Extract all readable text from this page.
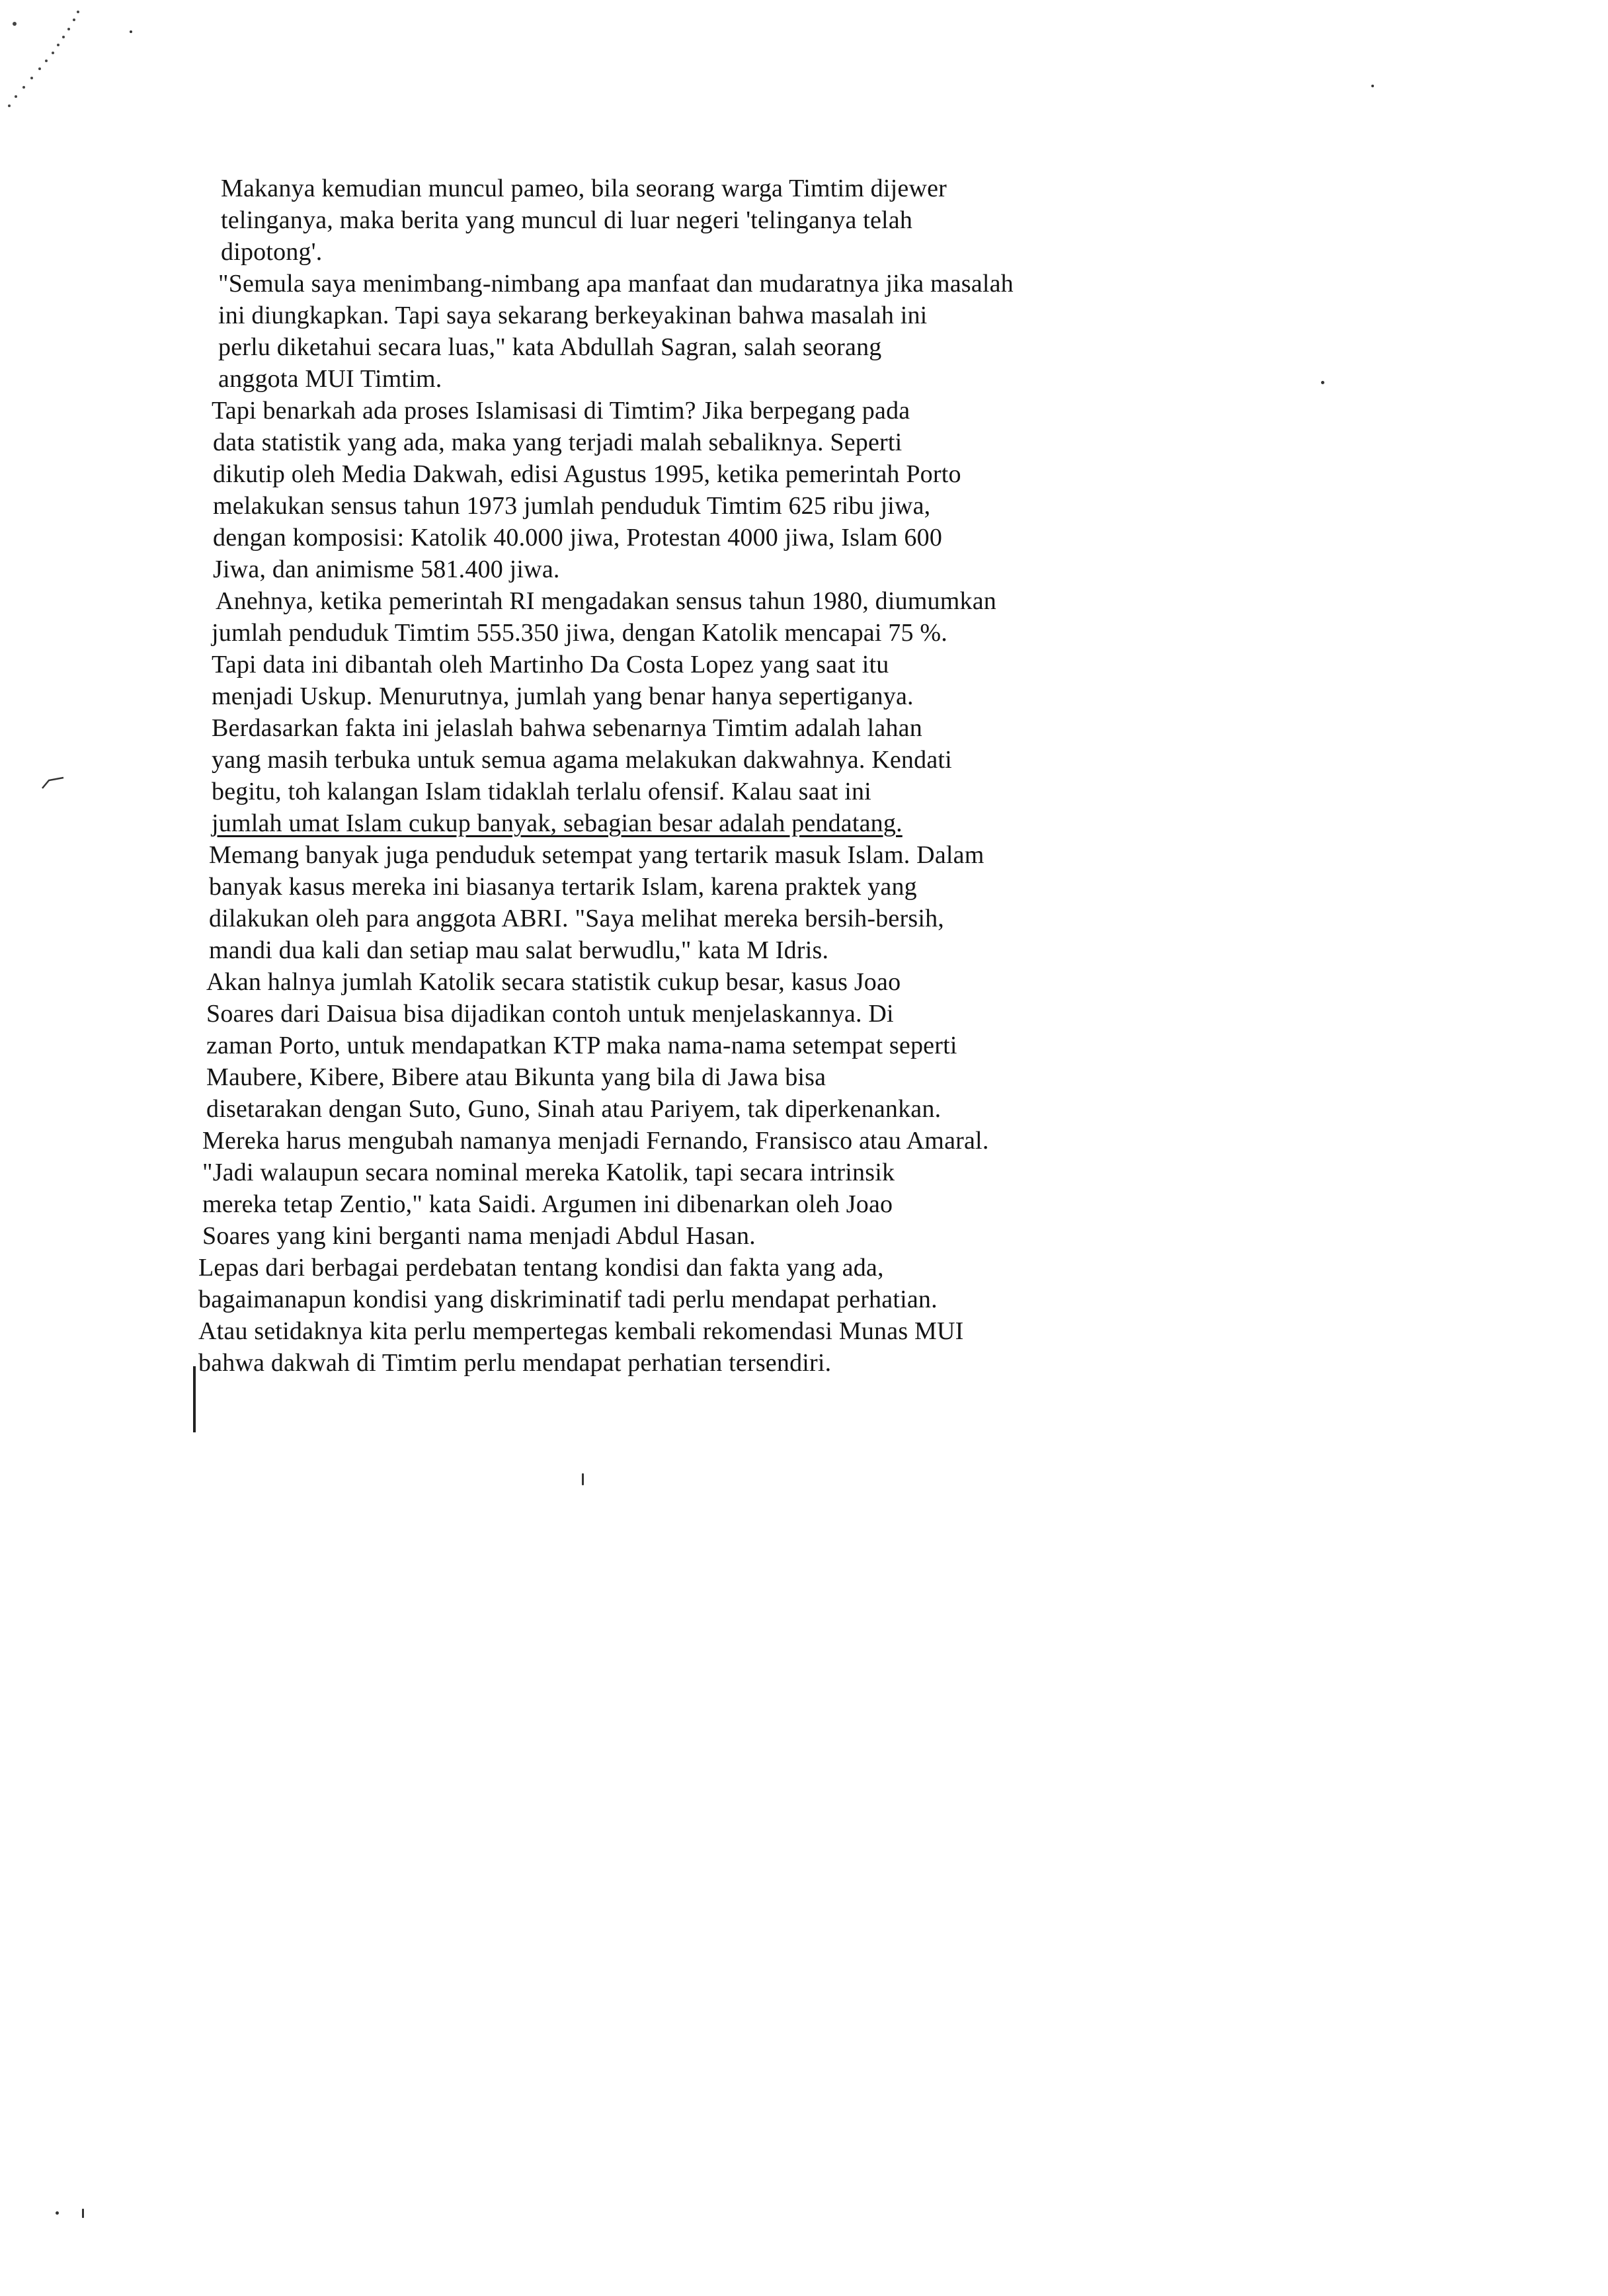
Makanya kemudian muncul pameo, bila seorang warga Timtim dijewer
telinganya, maka berita yang muncul di luar negeri 'telinganya telah
dipotong'.
"Semula saya menimbang-nimbang apa manfaat dan mudaratnya jika masalah
ini diungkapkan. Tapi saya sekarang berkeyakinan bahwa masalah ini
perlu diketahui secara luas," kata Abdullah Sagran, salah seorang
anggota MUI Timtim.
Tapi benarkah ada proses Islamisasi di Timtim? Jika berpegang pada
data statistik yang ada, maka yang terjadi malah sebaliknya. Seperti
dikutip oleh Media Dakwah, edisi Agustus 1995, ketika pemerintah Porto
melakukan sensus tahun 1973 jumlah penduduk Timtim 625 ribu jiwa,
dengan komposisi: Katolik 40.000 jiwa, Protestan 4000 jiwa, Islam 600
Jiwa, dan animisme 581.400 jiwa.
Anehnya, ketika pemerintah RI mengadakan sensus tahun 1980, diumumkan
jumlah penduduk Timtim 555.350 jiwa, dengan Katolik mencapai 75 %.
Tapi data ini dibantah oleh Martinho Da Costa Lopez yang saat itu
menjadi Uskup. Menurutnya, jumlah yang benar hanya sepertiganya.
Berdasarkan fakta ini jelaslah bahwa sebenarnya Timtim adalah lahan
yang masih terbuka untuk semua agama melakukan dakwahnya. Kendati
begitu, toh kalangan Islam tidaklah terlalu ofensif. Kalau saat ini
jumlah umat Islam cukup banyak, sebagian besar adalah pendatang.
Memang banyak juga penduduk setempat yang tertarik masuk Islam. Dalam
banyak kasus mereka ini biasanya tertarik Islam, karena praktek yang
dilakukan oleh para anggota ABRI. "Saya melihat mereka bersih-bersih,
mandi dua kali dan setiap mau salat berwudlu," kata M Idris.
Akan halnya jumlah Katolik secara statistik cukup besar, kasus Joao
Soares dari Daisua bisa dijadikan contoh untuk menjelaskannya. Di
zaman Porto, untuk mendapatkan KTP maka nama-nama setempat seperti
Maubere, Kibere, Bibere atau Bikunta yang bila di Jawa bisa
disetarakan dengan Suto, Guno, Sinah atau Pariyem, tak diperkenankan.
Mereka harus mengubah namanya menjadi Fernando, Fransisco atau Amaral.
"Jadi walaupun secara nominal mereka Katolik, tapi secara intrinsik
mereka tetap Zentio," kata Saidi. Argumen ini dibenarkan oleh Joao
Soares yang kini berganti nama menjadi Abdul Hasan.
Lepas dari berbagai perdebatan tentang kondisi dan fakta yang ada,
bagaimanapun kondisi yang diskriminatif tadi perlu mendapat perhatian.
Atau setidaknya kita perlu mempertegas kembali rekomendasi Munas MUI
bahwa dakwah di Timtim perlu mendapat perhatian tersendiri.
